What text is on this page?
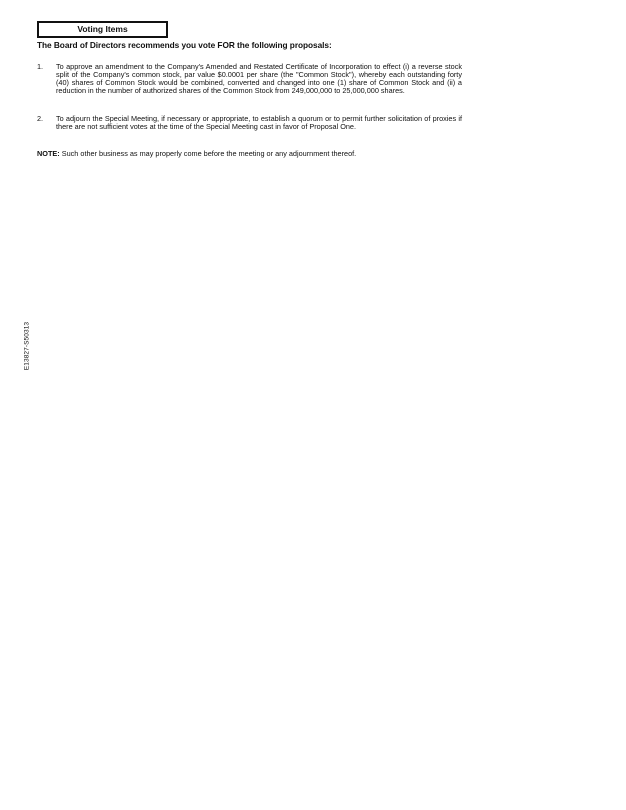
Voting Items
The Board of Directors recommends you vote FOR the following proposals:
1. To approve an amendment to the Company's Amended and Restated Certificate of Incorporation to effect (i) a reverse stock split of the Company's common stock, par value $0.0001 per share (the "Common Stock"), whereby each outstanding forty (40) shares of Common Stock would be combined, converted and changed into one (1) share of Common Stock and (ii) a reduction in the number of authorized shares of the Common Stock from 249,000,000 to 25,000,000 shares.
2. To adjourn the Special Meeting, if necessary or appropriate, to establish a quorum or to permit further solicitation of proxies if there are not sufficient votes at the time of the Special Meeting cast in favor of Proposal One.
NOTE: Such other business as may properly come before the meeting or any adjournment thereof.
E13827-S50313
